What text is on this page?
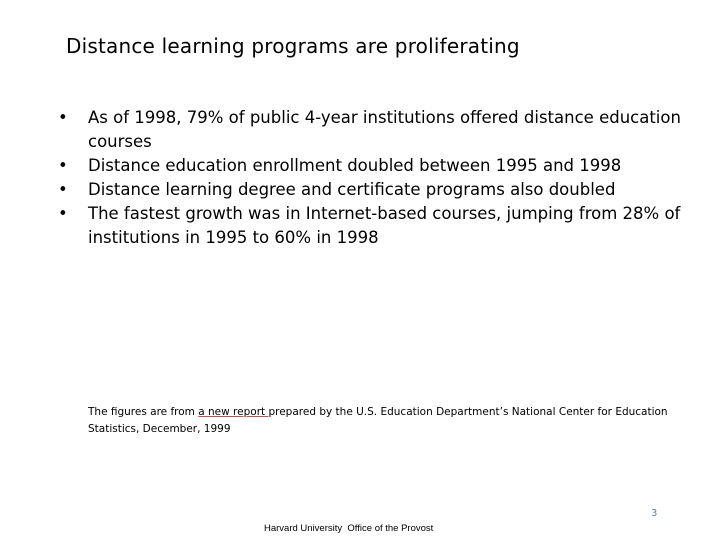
Distance learning programs are proliferating
• As of 1998, 79% of public 4-year institutions offered distance education courses
• Distance education enrollment doubled between 1995 and 1998
• Distance learning degree and certificate programs also doubled
• The fastest growth was in Internet-based courses, jumping from 28% of institutions in 1995 to 60% in 1998
The figures are from a new report prepared by the U.S. Education Department’s National Center for Education Statistics, December, 1999
3
Harvard University  Office of the Provost
